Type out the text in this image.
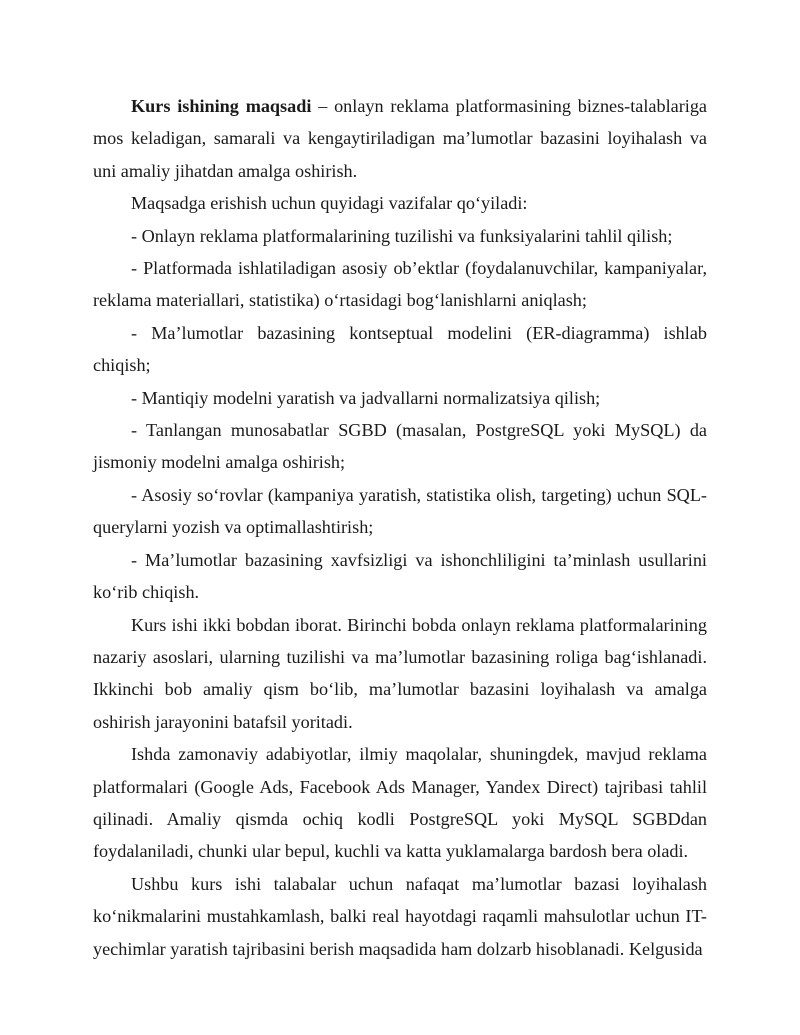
Kurs ishining maqsadi – onlayn reklama platformasining biznes-talablariga mos keladigan, samarali va kengaytiriladigan ma’lumotlar bazasini loyihalash va uni amaliy jihatdan amalga oshirish.

Maqsadga erishish uchun quyidagi vazifalar qo‘yiladi:

- Onlayn reklama platformalarining tuzilishi va funksiyalarini tahlil qilish;

- Platformada ishlatiladigan asosiy ob’ektlar (foydalanuvchilar, kampaniyalar, reklama materiallari, statistika) o‘rtasidagi bog‘lanishlarni aniqlash;

- Ma’lumotlar bazasining kontseptual modelini (ER-diagramma) ishlab chiqish;

- Mantiqiy modelni yaratish va jadvallarni normalizatsiya qilish;

- Tanlangan munosabatlar SGBD (masalan, PostgreSQL yoki MySQL) da jismoniy modelni amalga oshirish;

- Asosiy so‘rovlar (kampaniya yaratish, statistika olish, targeting) uchun SQL-querylarni yozish va optimallashtirish;

- Ma’lumotlar bazasining xavfsizligi va ishonchliligini ta’minlash usullarini ko‘rib chiqish.

Kurs ishi ikki bobdan iborat. Birinchi bobda onlayn reklama platformalarining nazariy asoslari, ularning tuzilishi va ma’lumotlar bazasining roliga bag‘ishlanadi. Ikkinchi bob amaliy qism bo‘lib, ma’lumotlar bazasini loyihalash va amalga oshirish jarayonini batafsil yoritadi.

Ishda zamonaviy adabiyotlar, ilmiy maqolalar, shuningdek, mavjud reklama platformalari (Google Ads, Facebook Ads Manager, Yandex Direct) tajribasi tahlil qilinadi. Amaliy qismda ochiq kodli PostgreSQL yoki MySQL SGBDdan foydalaniladi, chunki ular bepul, kuchli va katta yuklamalarga bardosh bera oladi.

Ushbu kurs ishi talabalar uchun nafaqat ma’lumotlar bazasi loyihalash ko‘nikmalarini mustahkamlash, balki real hayotdagi raqamli mahsulotlar uchun IT-yechimlar yaratish tajribasini berish maqsadida ham dolzarb hisoblanadi. Kelgusida
